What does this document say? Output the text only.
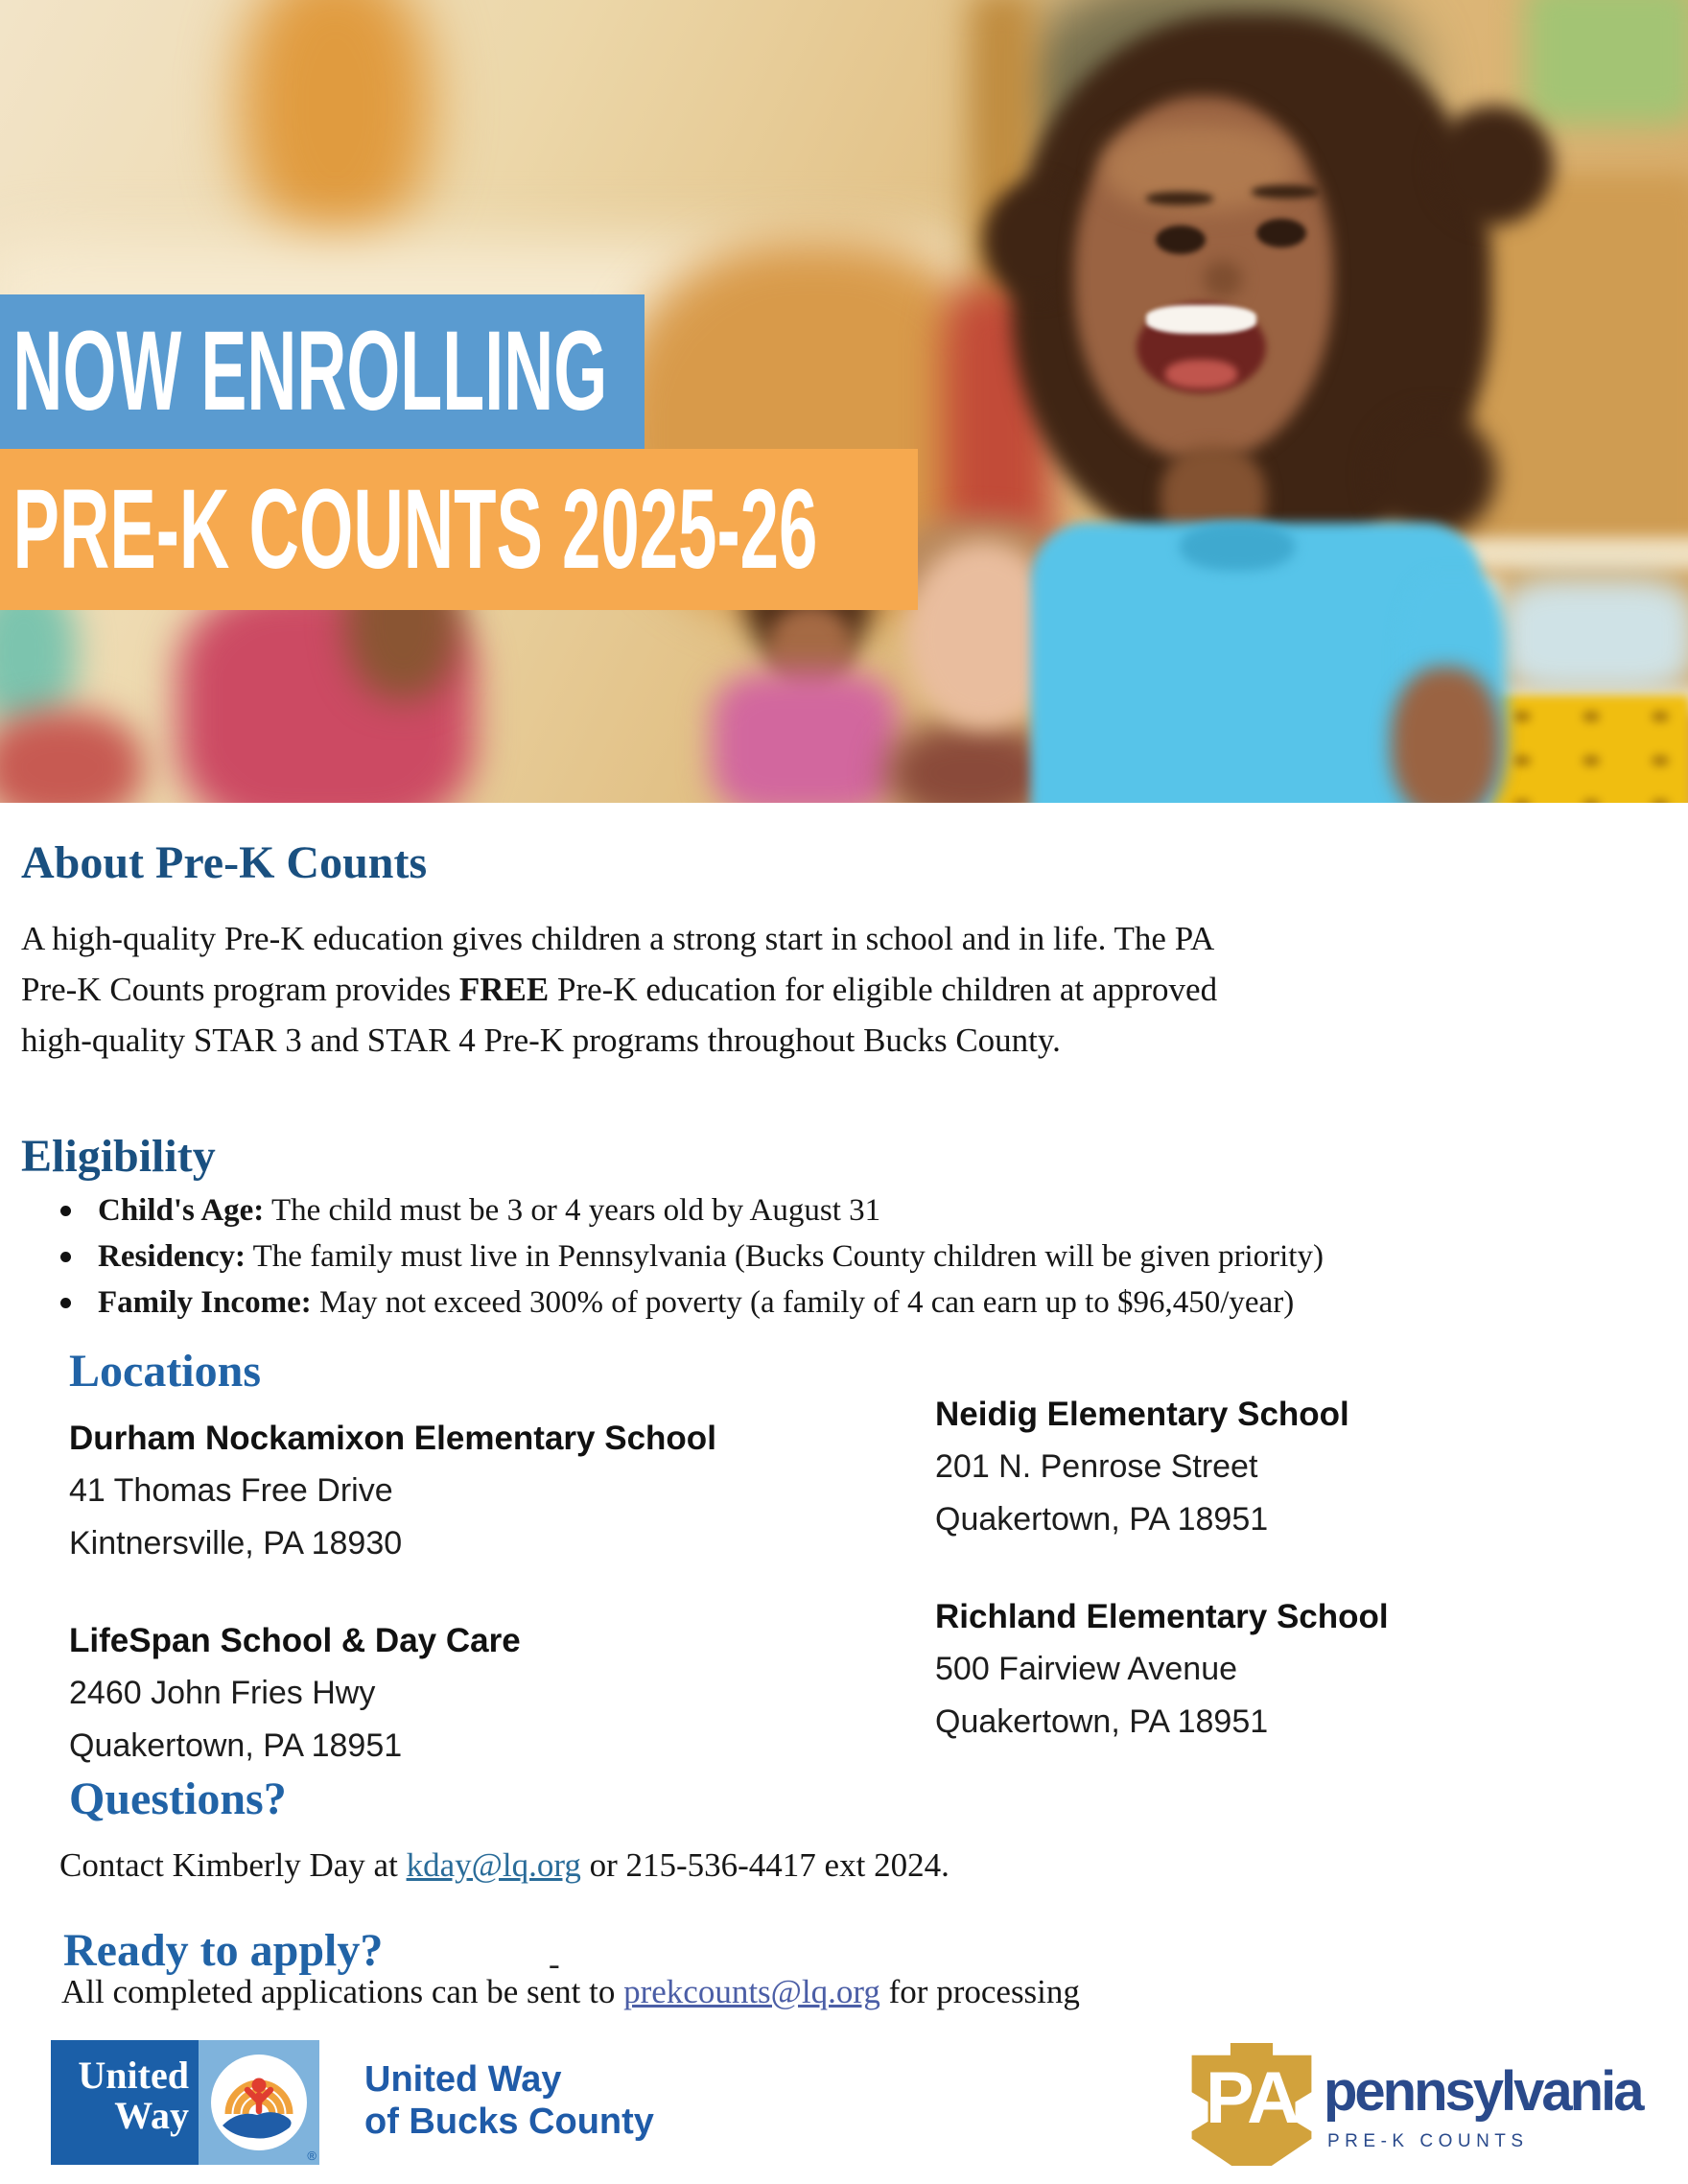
NOW ENROLLING
PRE-K COUNTS 2025-26
About Pre-K Counts
A high-quality Pre-K education gives children a strong start in school and in life. The PA
Pre-K Counts program provides FREE Pre-K education for eligible children at approved
high-quality STAR 3 and STAR 4 Pre-K programs throughout Bucks County.
Eligibility
Child's Age: The child must be 3 or 4 years old by August 31
Residency: The family must live in Pennsylvania (Bucks County children will be given priority)
Family Income: May not exceed 300% of poverty (a family of 4 can earn up to $96,450/year)
Locations
Durham Nockamixon Elementary School
41 Thomas Free Drive
Kintnersville, PA 18930
Neidig Elementary School
201 N. Penrose Street
Quakertown, PA 18951
LifeSpan School & Day Care
2460 John Fries Hwy
Quakertown, PA 18951
Richland Elementary School
500 Fairview Avenue
Quakertown, PA 18951
Questions?
Contact Kimberly Day at kday@lq.org or 215-536-4417 ext 2024.
Ready to apply?	-
All completed applications can be sent to prekcounts@lq.org for processing
United
Way
®
United Way
of Bucks County	PA pennsylvania
PRE-K COUNTS
